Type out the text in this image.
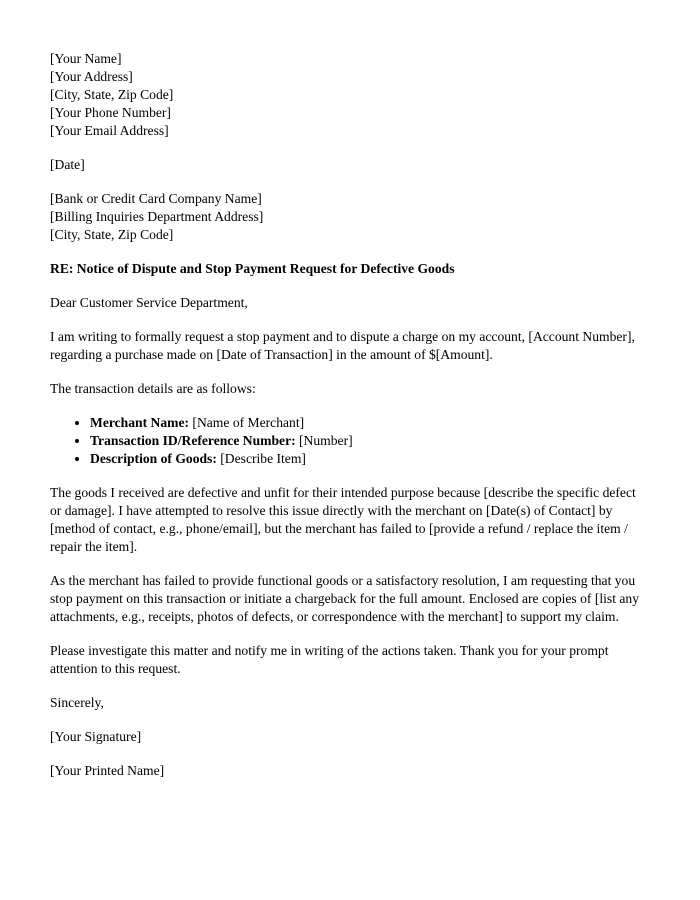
[Your Name]
[Your Address]
[City, State, Zip Code]
[Your Phone Number]
[Your Email Address]

[Date]

[Bank or Credit Card Company Name]
[Billing Inquiries Department Address]
[City, State, Zip Code]

RE: Notice of Dispute and Stop Payment Request for Defective Goods

Dear Customer Service Department,

I am writing to formally request a stop payment and to dispute a charge on my account, [Account Number], regarding a purchase made on [Date of Transaction] in the amount of $[Amount].

The transaction details are as follows:

• Merchant Name: [Name of Merchant]
• Transaction ID/Reference Number: [Number]
• Description of Goods: [Describe Item]

The goods I received are defective and unfit for their intended purpose because [describe the specific defect or damage]. I have attempted to resolve this issue directly with the merchant on [Date(s) of Contact] by [method of contact, e.g., phone/email], but the merchant has failed to [provide a refund / replace the item / repair the item].

As the merchant has failed to provide functional goods or a satisfactory resolution, I am requesting that you stop payment on this transaction or initiate a chargeback for the full amount. Enclosed are copies of [list any attachments, e.g., receipts, photos of defects, or correspondence with the merchant] to support my claim.

Please investigate this matter and notify me in writing of the actions taken. Thank you for your prompt attention to this request.

Sincerely,

[Your Signature]

[Your Printed Name]
